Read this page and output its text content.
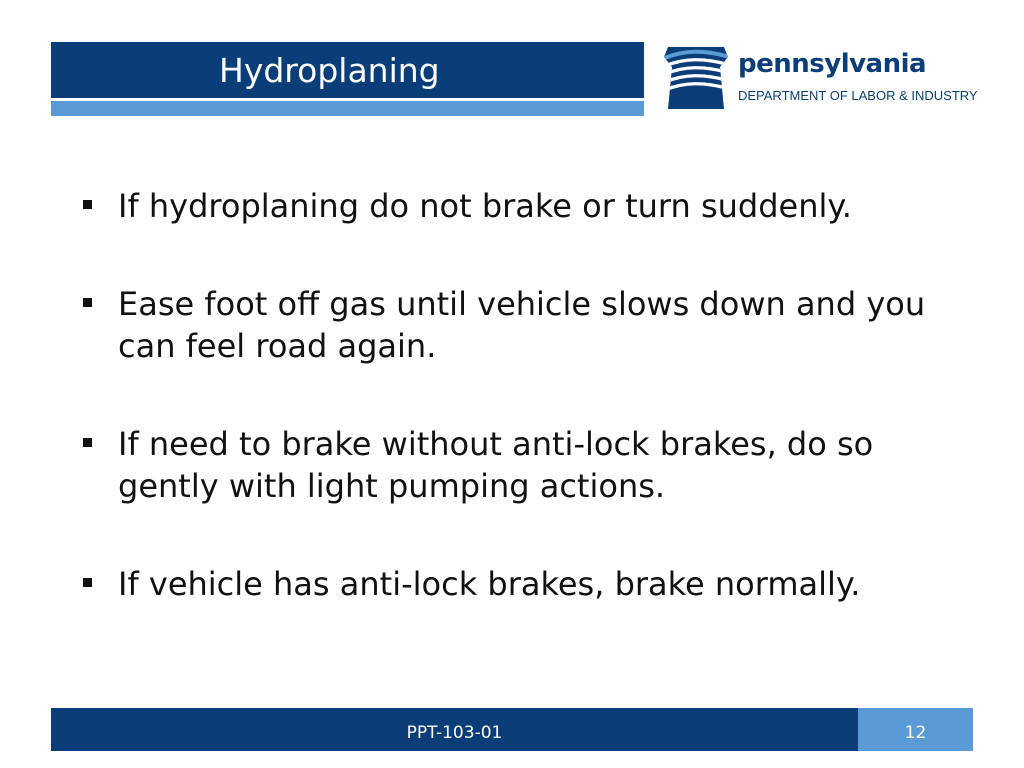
Hydroplaning	pennsylvania
DEPARTMENT OF LABOR & INDUSTRY
If hydroplaning do not brake or turn suddenly.
Ease foot off gas until vehicle slows down and you can feel road again.
If need to brake without anti-lock brakes, do so gently with light pumping actions.
If vehicle has anti-lock brakes, brake normally.
PPT-103-01	12
